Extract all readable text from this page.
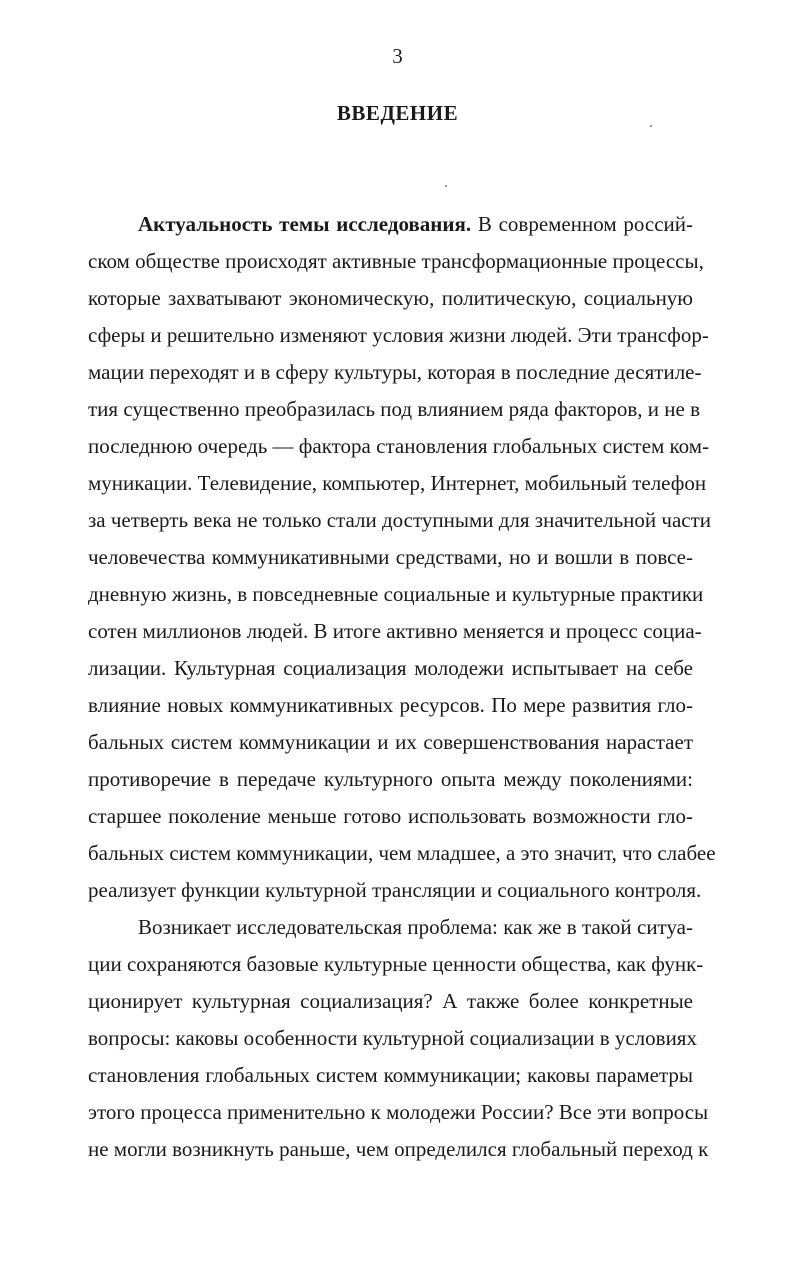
3
ВВЕДЕНИЕ
Актуальность темы исследования. В современном россий-
ском обществе происходят активные трансформационные процессы,
которые захватывают экономическую, политическую, социальную
сферы и решительно изменяют условия жизни людей. Эти трансфор-
мации переходят и в сферу культуры, которая в последние десятиле-
тия существенно преобразилась под влиянием ряда факторов, и не в
последнюю очередь — фактора становления глобальных систем ком-
муникации. Телевидение, компьютер, Интернет, мобильный телефон
за четверть века не только стали доступными для значительной части
человечества коммуникативными средствами, но и вошли в повсе-
дневную жизнь, в повседневные социальные и культурные практики
сотен миллионов людей. В итоге активно меняется и процесс социа-
лизации. Культурная социализация молодежи испытывает на себе
влияние новых коммуникативных ресурсов. По мере развития гло-
бальных систем коммуникации и их совершенствования нарастает
противоречие в передаче культурного опыта между поколениями:
старшее поколение меньше готово использовать возможности гло-
бальных систем коммуникации, чем младшее, а это значит, что слабее
реализует функции культурной трансляции и социального контроля.
Возникает исследовательская проблема: как же в такой ситуа-
ции сохраняются базовые культурные ценности общества, как функ-
ционирует культурная социализация? А также более конкретные
вопросы: каковы особенности культурной социализации в условиях
становления глобальных систем коммуникации; каковы параметры
этого процесса применительно к молодежи России? Все эти вопросы
не могли возникнуть раньше, чем определился глобальный переход к
